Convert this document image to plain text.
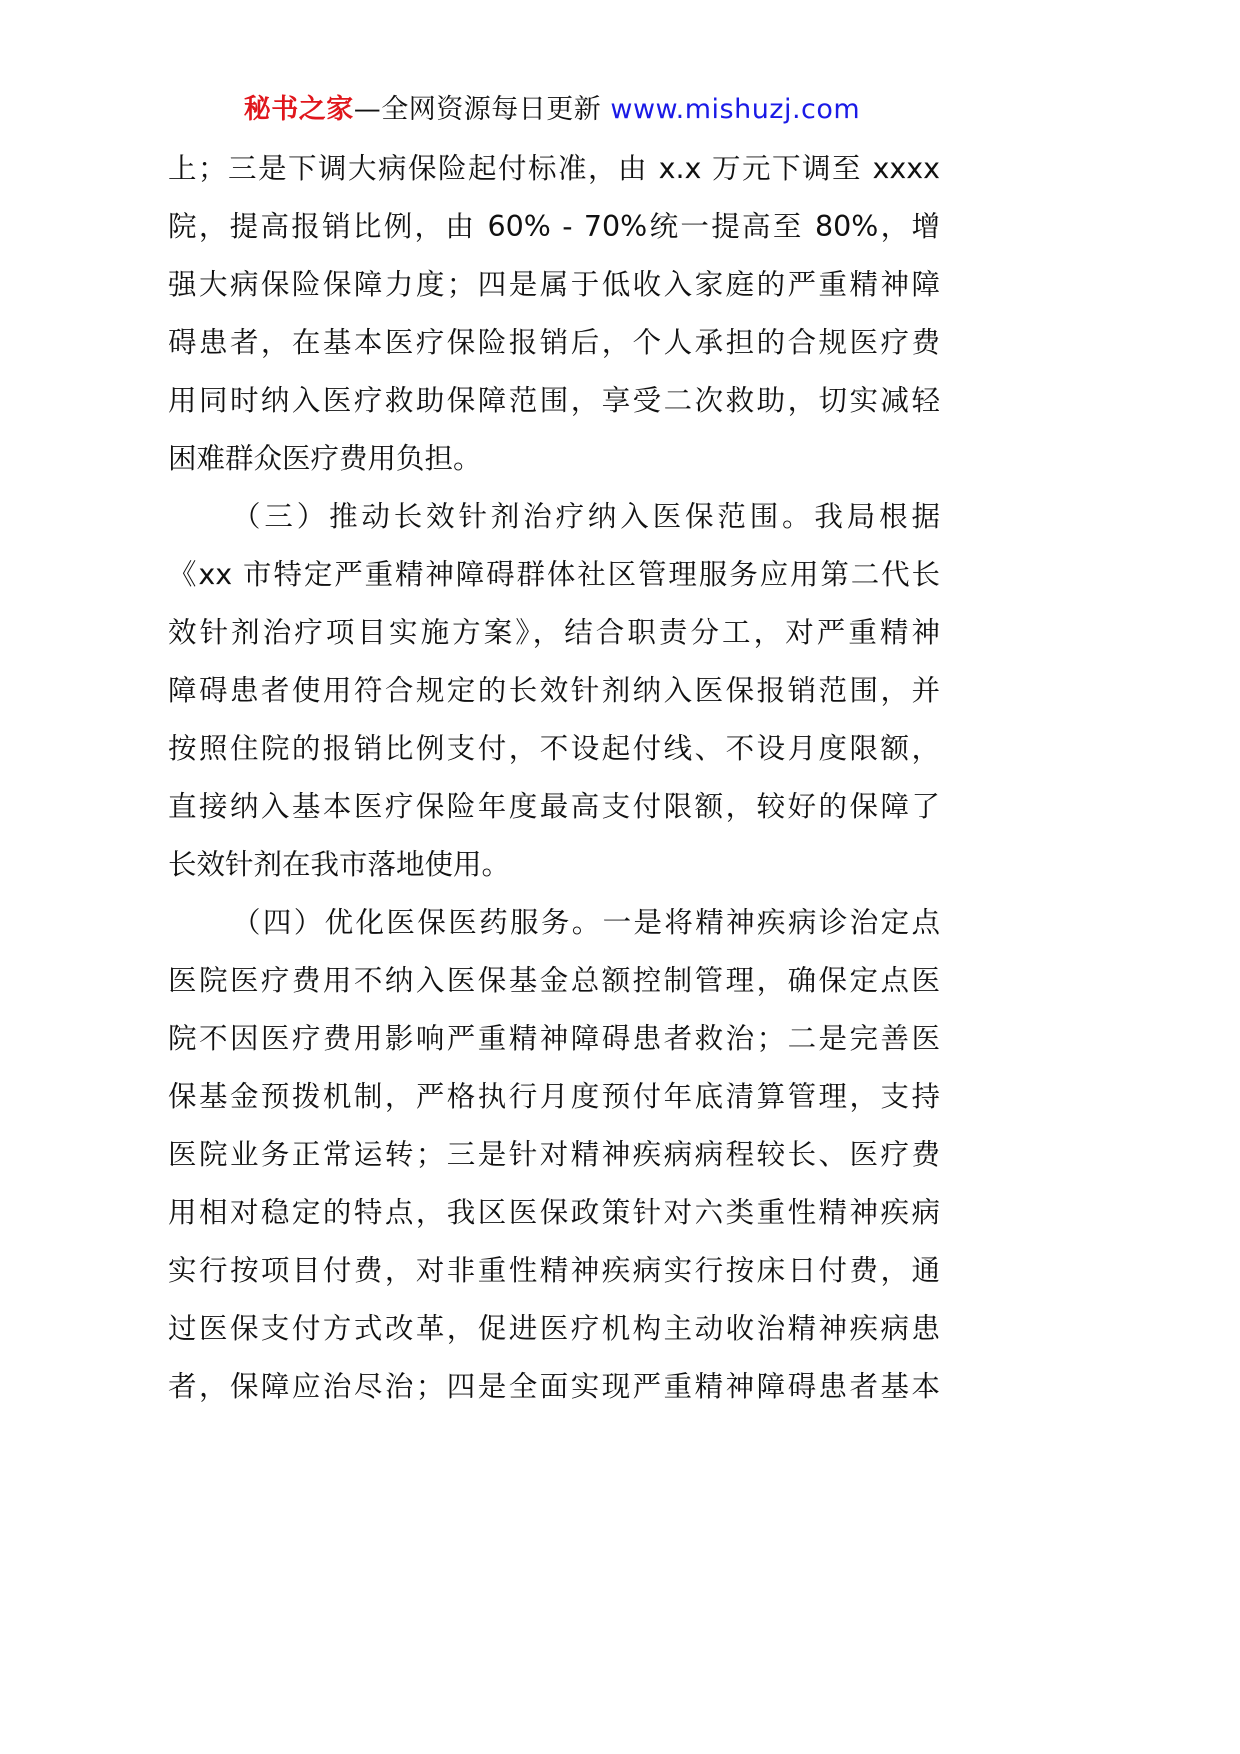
秘书之家—全网资源每日更新 www.mishuzj.com
上；三是下调大病保险起付标准，由 x.x 万元下调至 xxxx
院，提高报销比例，由 60% - 70%统一提高至 80%，增
强大病保险保障力度；四是属于低收入家庭的严重精神障
碍患者，在基本医疗保险报销后，个人承担的合规医疗费
用同时纳入医疗救助保障范围，享受二次救助，切实减轻
困难群众医疗费用负担。
（三）推动长效针剂治疗纳入医保范围。我局根据
《xx 市特定严重精神障碍群体社区管理服务应用第二代长
效针剂治疗项目实施方案》，结合职责分工，对严重精神
障碍患者使用符合规定的长效针剂纳入医保报销范围，并
按照住院的报销比例支付，不设起付线、不设月度限额，
直接纳入基本医疗保险年度最高支付限额，较好的保障了
长效针剂在我市落地使用。
（四）优化医保医药服务。一是将精神疾病诊治定点
医院医疗费用不纳入医保基金总额控制管理，确保定点医
院不因医疗费用影响严重精神障碍患者救治；二是完善医
保基金预拨机制，严格执行月度预付年底清算管理，支持
医院业务正常运转；三是针对精神疾病病程较长、医疗费
用相对稳定的特点，我区医保政策针对六类重性精神疾病
实行按项目付费，对非重性精神疾病实行按床日付费，通
过医保支付方式改革，促进医疗机构主动收治精神疾病患
者，保障应治尽治；四是全面实现严重精神障碍患者基本
